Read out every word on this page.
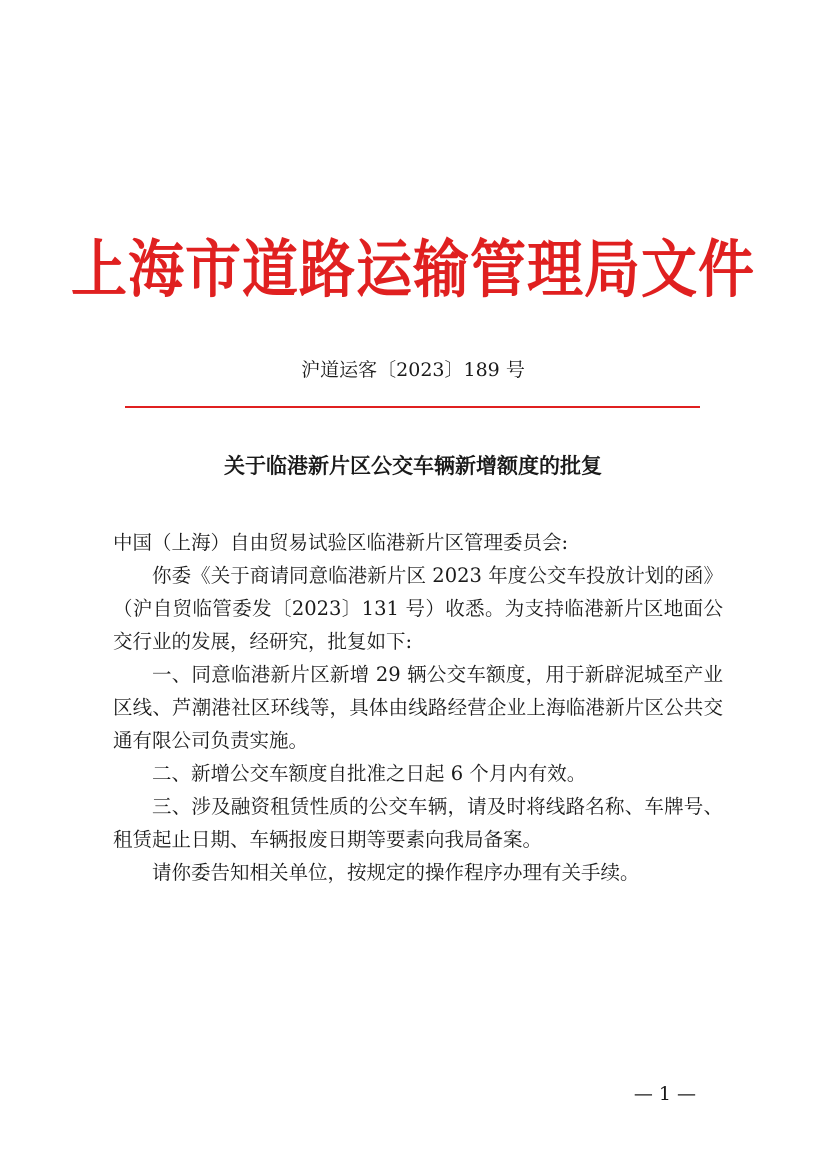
上海市道路运输管理局文件
沪道运客〔2023〕189 号
关于临港新片区公交车辆新增额度的批复

中国（上海）自由贸易试验区临港新片区管理委员会:

你委《关于商请同意临港新片区 2023 年度公交车投放计划的函》（沪自贸临管委发〔2023〕131 号）收悉。为支持临港新片区地面公交行业的发展，经研究，批复如下:

一、同意临港新片区新增 29 辆公交车额度，用于新辟泥城至产业区线、芦潮港社区环线等，具体由线路经营企业上海临港新片区公共交通有限公司负责实施。

二、新增公交车额度自批准之日起 6 个月内有效。

三、涉及融资租赁性质的公交车辆，请及时将线路名称、车牌号、租赁起止日期、车辆报废日期等要素向我局备案。

请你委告知相关单位，按规定的操作程序办理有关手续。

— 1 —
